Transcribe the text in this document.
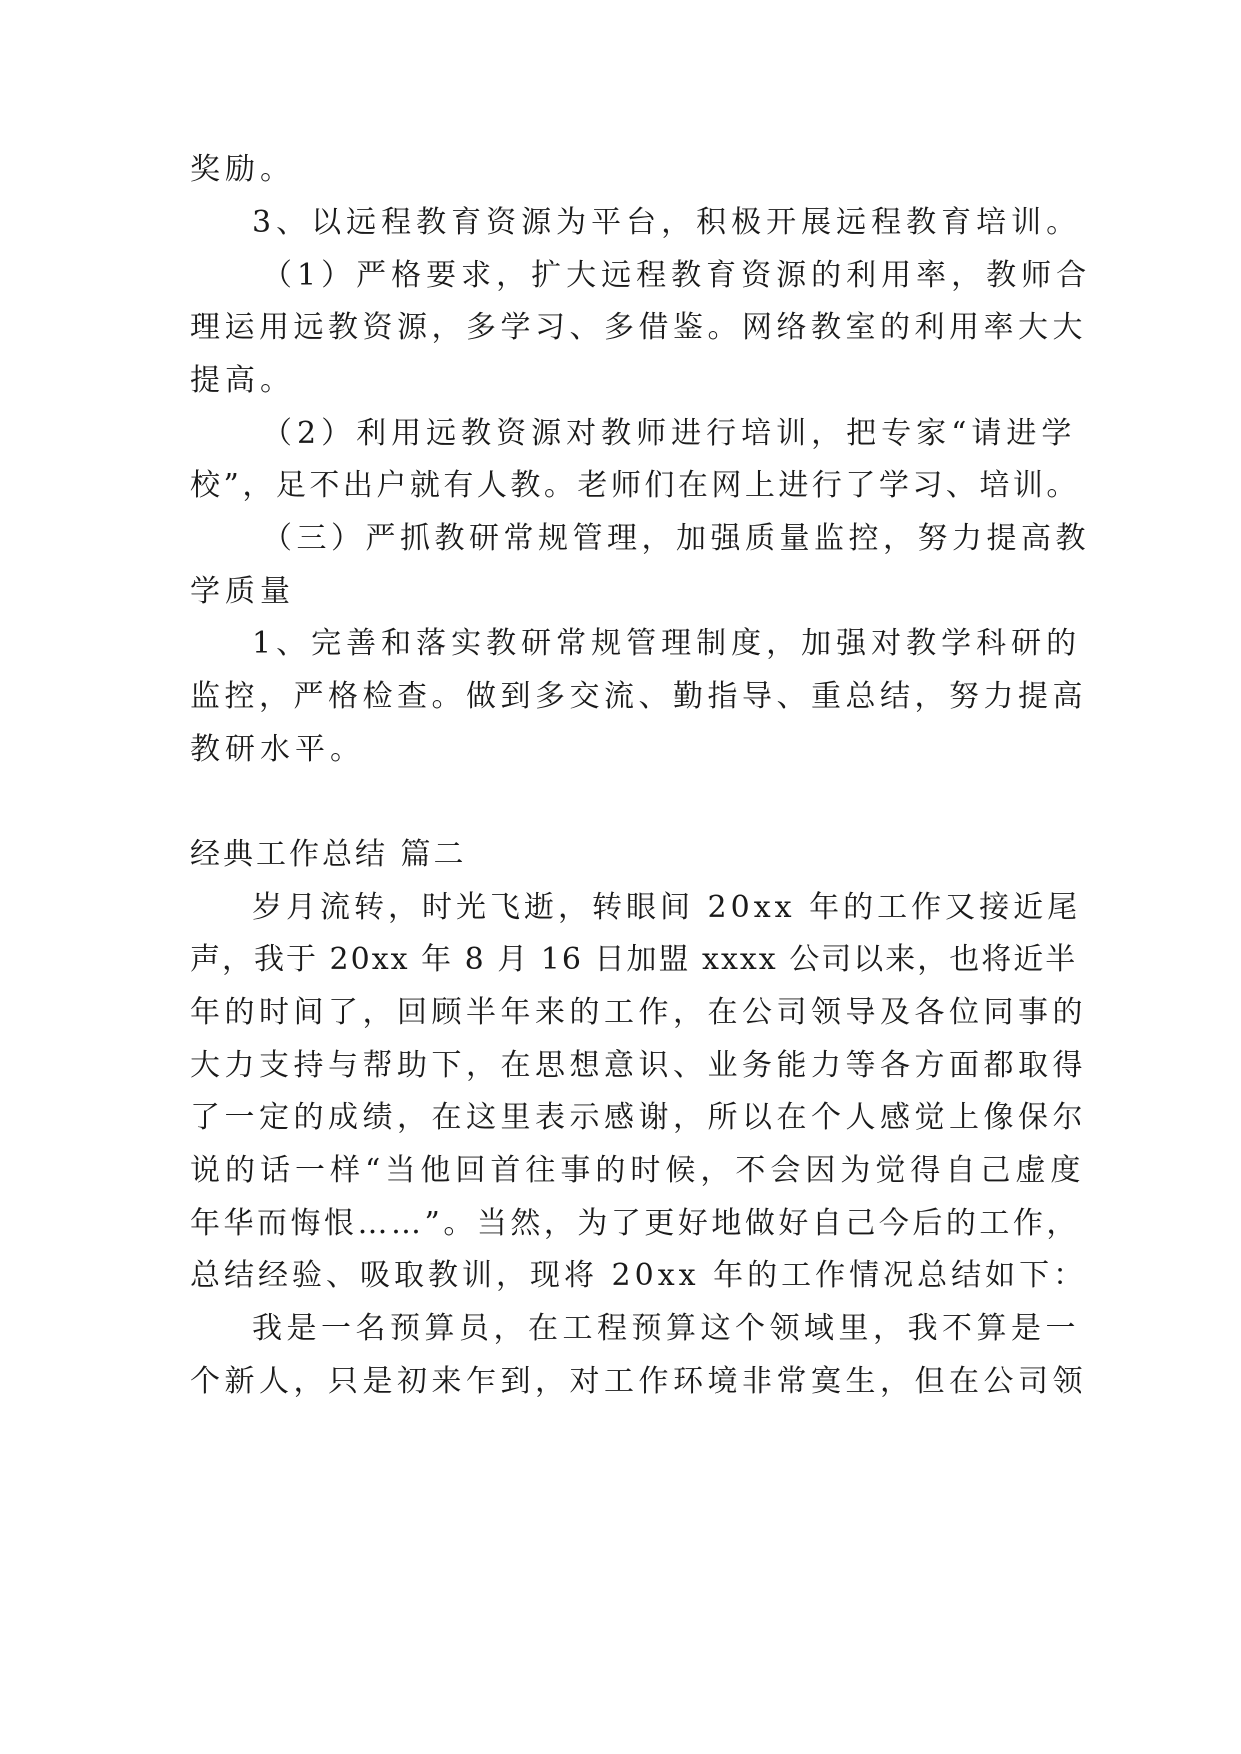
奖励。
3、以远程教育资源为平台，积极开展远程教育培训。
（1）严格要求，扩大远程教育资源的利用率，教师合
理运用远教资源，多学习、多借鉴。网络教室的利用率大大
提高。
（2）利用远教资源对教师进行培训，把专家“请进学
校”，足不出户就有人教。老师们在网上进行了学习、培训。
（三）严抓教研常规管理，加强质量监控，努力提高教
学质量
1、完善和落实教研常规管理制度，加强对教学科研的
监控，严格检查。做到多交流、勤指导、重总结，努力提高
教研水平。
经典工作总结 篇二
岁月流转，时光飞逝，转眼间 20xx 年的工作又接近尾
声，我于 20xx 年 8 月 16 日加盟 xxxx 公司以来，也将近半
年的时间了，回顾半年来的工作，在公司领导及各位同事的
大力支持与帮助下，在思想意识、业务能力等各方面都取得
了一定的成绩，在这里表示感谢，所以在个人感觉上像保尔
说的话一样“当他回首往事的时候，不会因为觉得自己虚度
年华而悔恨……”。当然，为了更好地做好自己今后的工作，
总结经验、吸取教训，现将 20xx 年的工作情况总结如下：
我是一名预算员，在工程预算这个领域里，我不算是一
个新人，只是初来乍到，对工作环境非常寞生，但在公司领
